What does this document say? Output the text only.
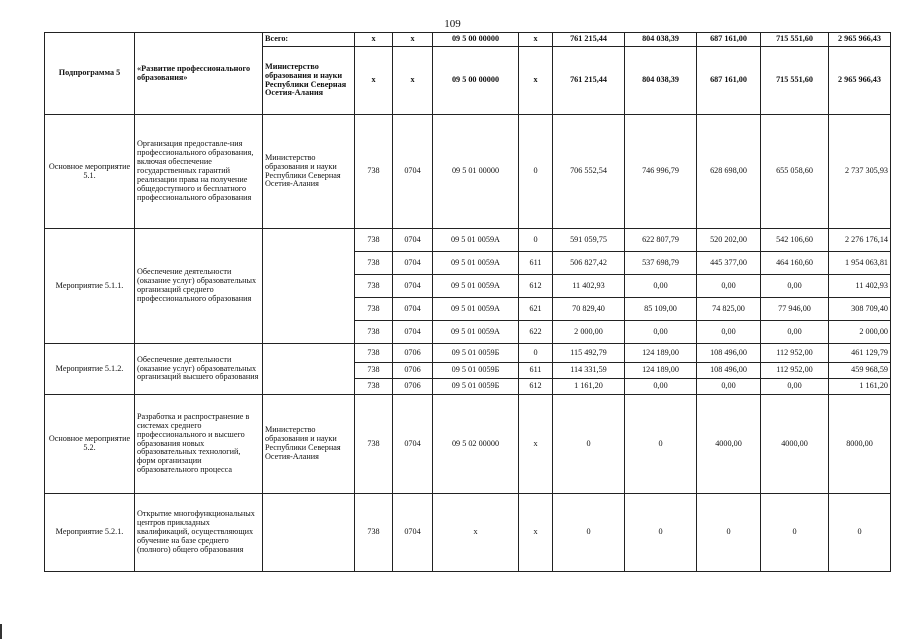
109
Подпрограмма 5	«Развитие профессионального образования»	Всего:	x	x	09 5 00 00000	x	761 215,44	804 038,39	687 161,00	715 551,60	2 965 966,43
		Министерство образования и науки Республики Северная Осетия-Алания	x	x	09 5 00 00000	x	761 215,44	804 038,39	687 161,00	715 551,60	2 965 966,43
Основное мероприятие 5.1.	Организация предоставле-ния профессионального образования, включая обеспечение государственных гарантий реализации права на получение общедоступного и бесплатного профессионального образования	Министерство образования и науки Республики Северная Осетия-Алания	738	0704	09 5 01 00000	0	706 552,54	746 996,79	628 698,00	655 058,60	2 737 305,93
Мероприятие 5.1.1.	Обеспечение деятельности (оказание услуг) образовательных организаций среднего профессионального образования		738	0704	09 5 01 0059А	0	591 059,75	622 807,79	520 202,00	542 106,60	2 276 176,14
			738	0704	09 5 01 0059А	611	506 827,42	537 698,79	445 377,00	464 160,60	1 954 063,81
			738	0704	09 5 01 0059А	612	11 402,93	0,00	0,00	0,00	11 402,93
			738	0704	09 5 01 0059А	621	70 829,40	85 109,00	74 825,00	77 946,00	308 709,40
			738	0704	09 5 01 0059А	622	2 000,00	0,00	0,00	0,00	2 000,00
Мероприятие 5.1.2.	Обеспечение деятельности (оказание услуг) образовательных организаций высшего образования		738	0706	09 5 01 0059Б	0	115 492,79	124 189,00	108 496,00	112 952,00	461 129,79
			738	0706	09 5 01 0059Б	611	114 331,59	124 189,00	108 496,00	112 952,00	459 968,59
			738	0706	09 5 01 0059Б	612	1 161,20	0,00	0,00	0,00	1 161,20
Основное мероприятие 5.2.	Разработка и распространение в системах среднего профессионального и высшего образования новых образовательных технологий, форм организации образовательного процесса	Министерство образования и науки Республики Северная Осетия-Алания	738	0704	09 5 02 00000	x	0	0	4000,00	4000,00	8000,00
Мероприятие 5.2.1.	Открытие многофункциональных центров прикладных квалификаций, осуществляющих обучение на базе среднего (полного) общего образования		738	0704	x	x	0	0	0	0	0
